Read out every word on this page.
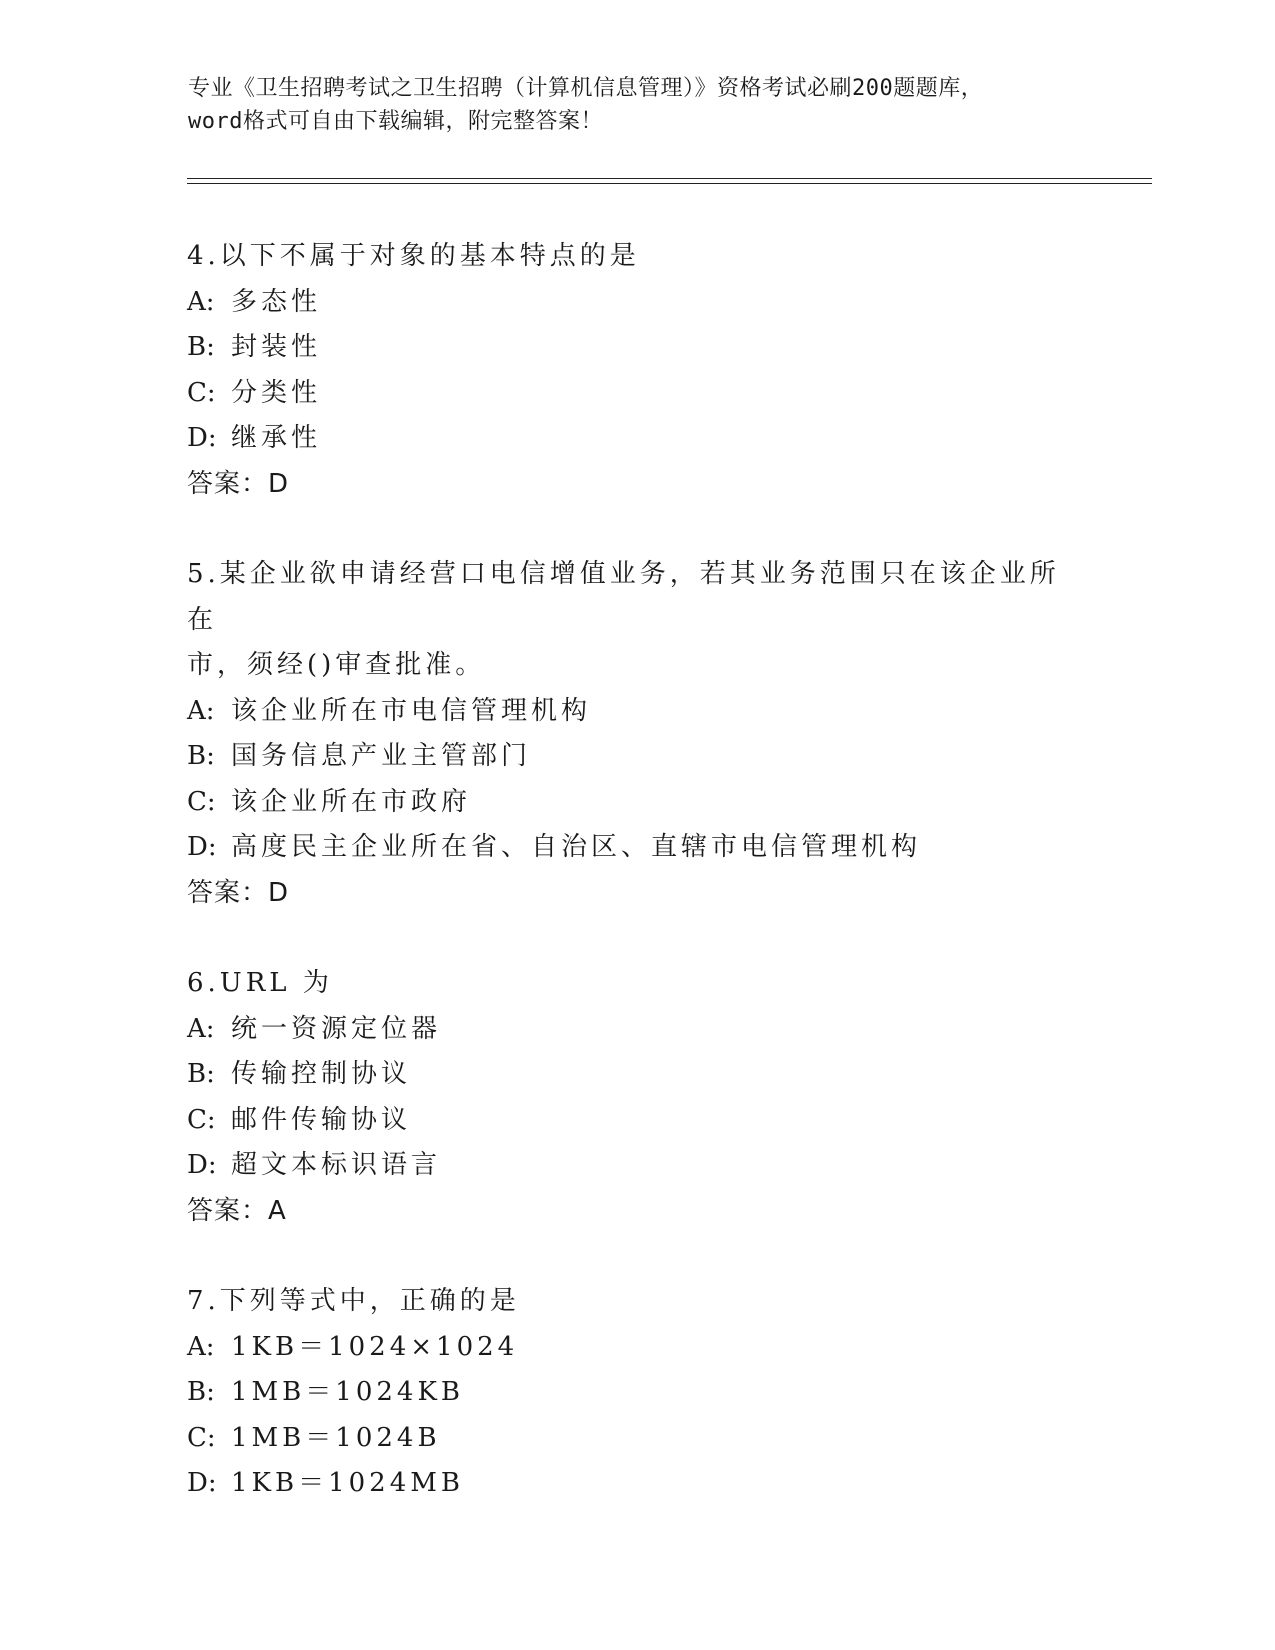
专业《卫生招聘考试之卫生招聘（计算机信息管理）》资格考试必刷200题题库，
word格式可自由下载编辑，附完整答案！
4.以下不属于对象的基本特点的是
A: 多态性
B: 封装性
C: 分类性
D: 继承性
答案：D
5.某企业欲申请经营口电信增值业务，若其业务范围只在该企业所在
市，须经()审查批准。
A: 该企业所在市电信管理机构
B: 国务信息产业主管部门
C: 该企业所在市政府
D: 高度民主企业所在省、自治区、直辖市电信管理机构
答案：D
6.URL 为
A: 统一资源定位器
B: 传输控制协议
C: 邮件传输协议
D: 超文本标识语言
答案：A
7.下列等式中，正确的是
A: 1KB＝1024×1024
B: 1MB＝1024KB
C: 1MB＝1024B
D: 1KB＝1024MB
